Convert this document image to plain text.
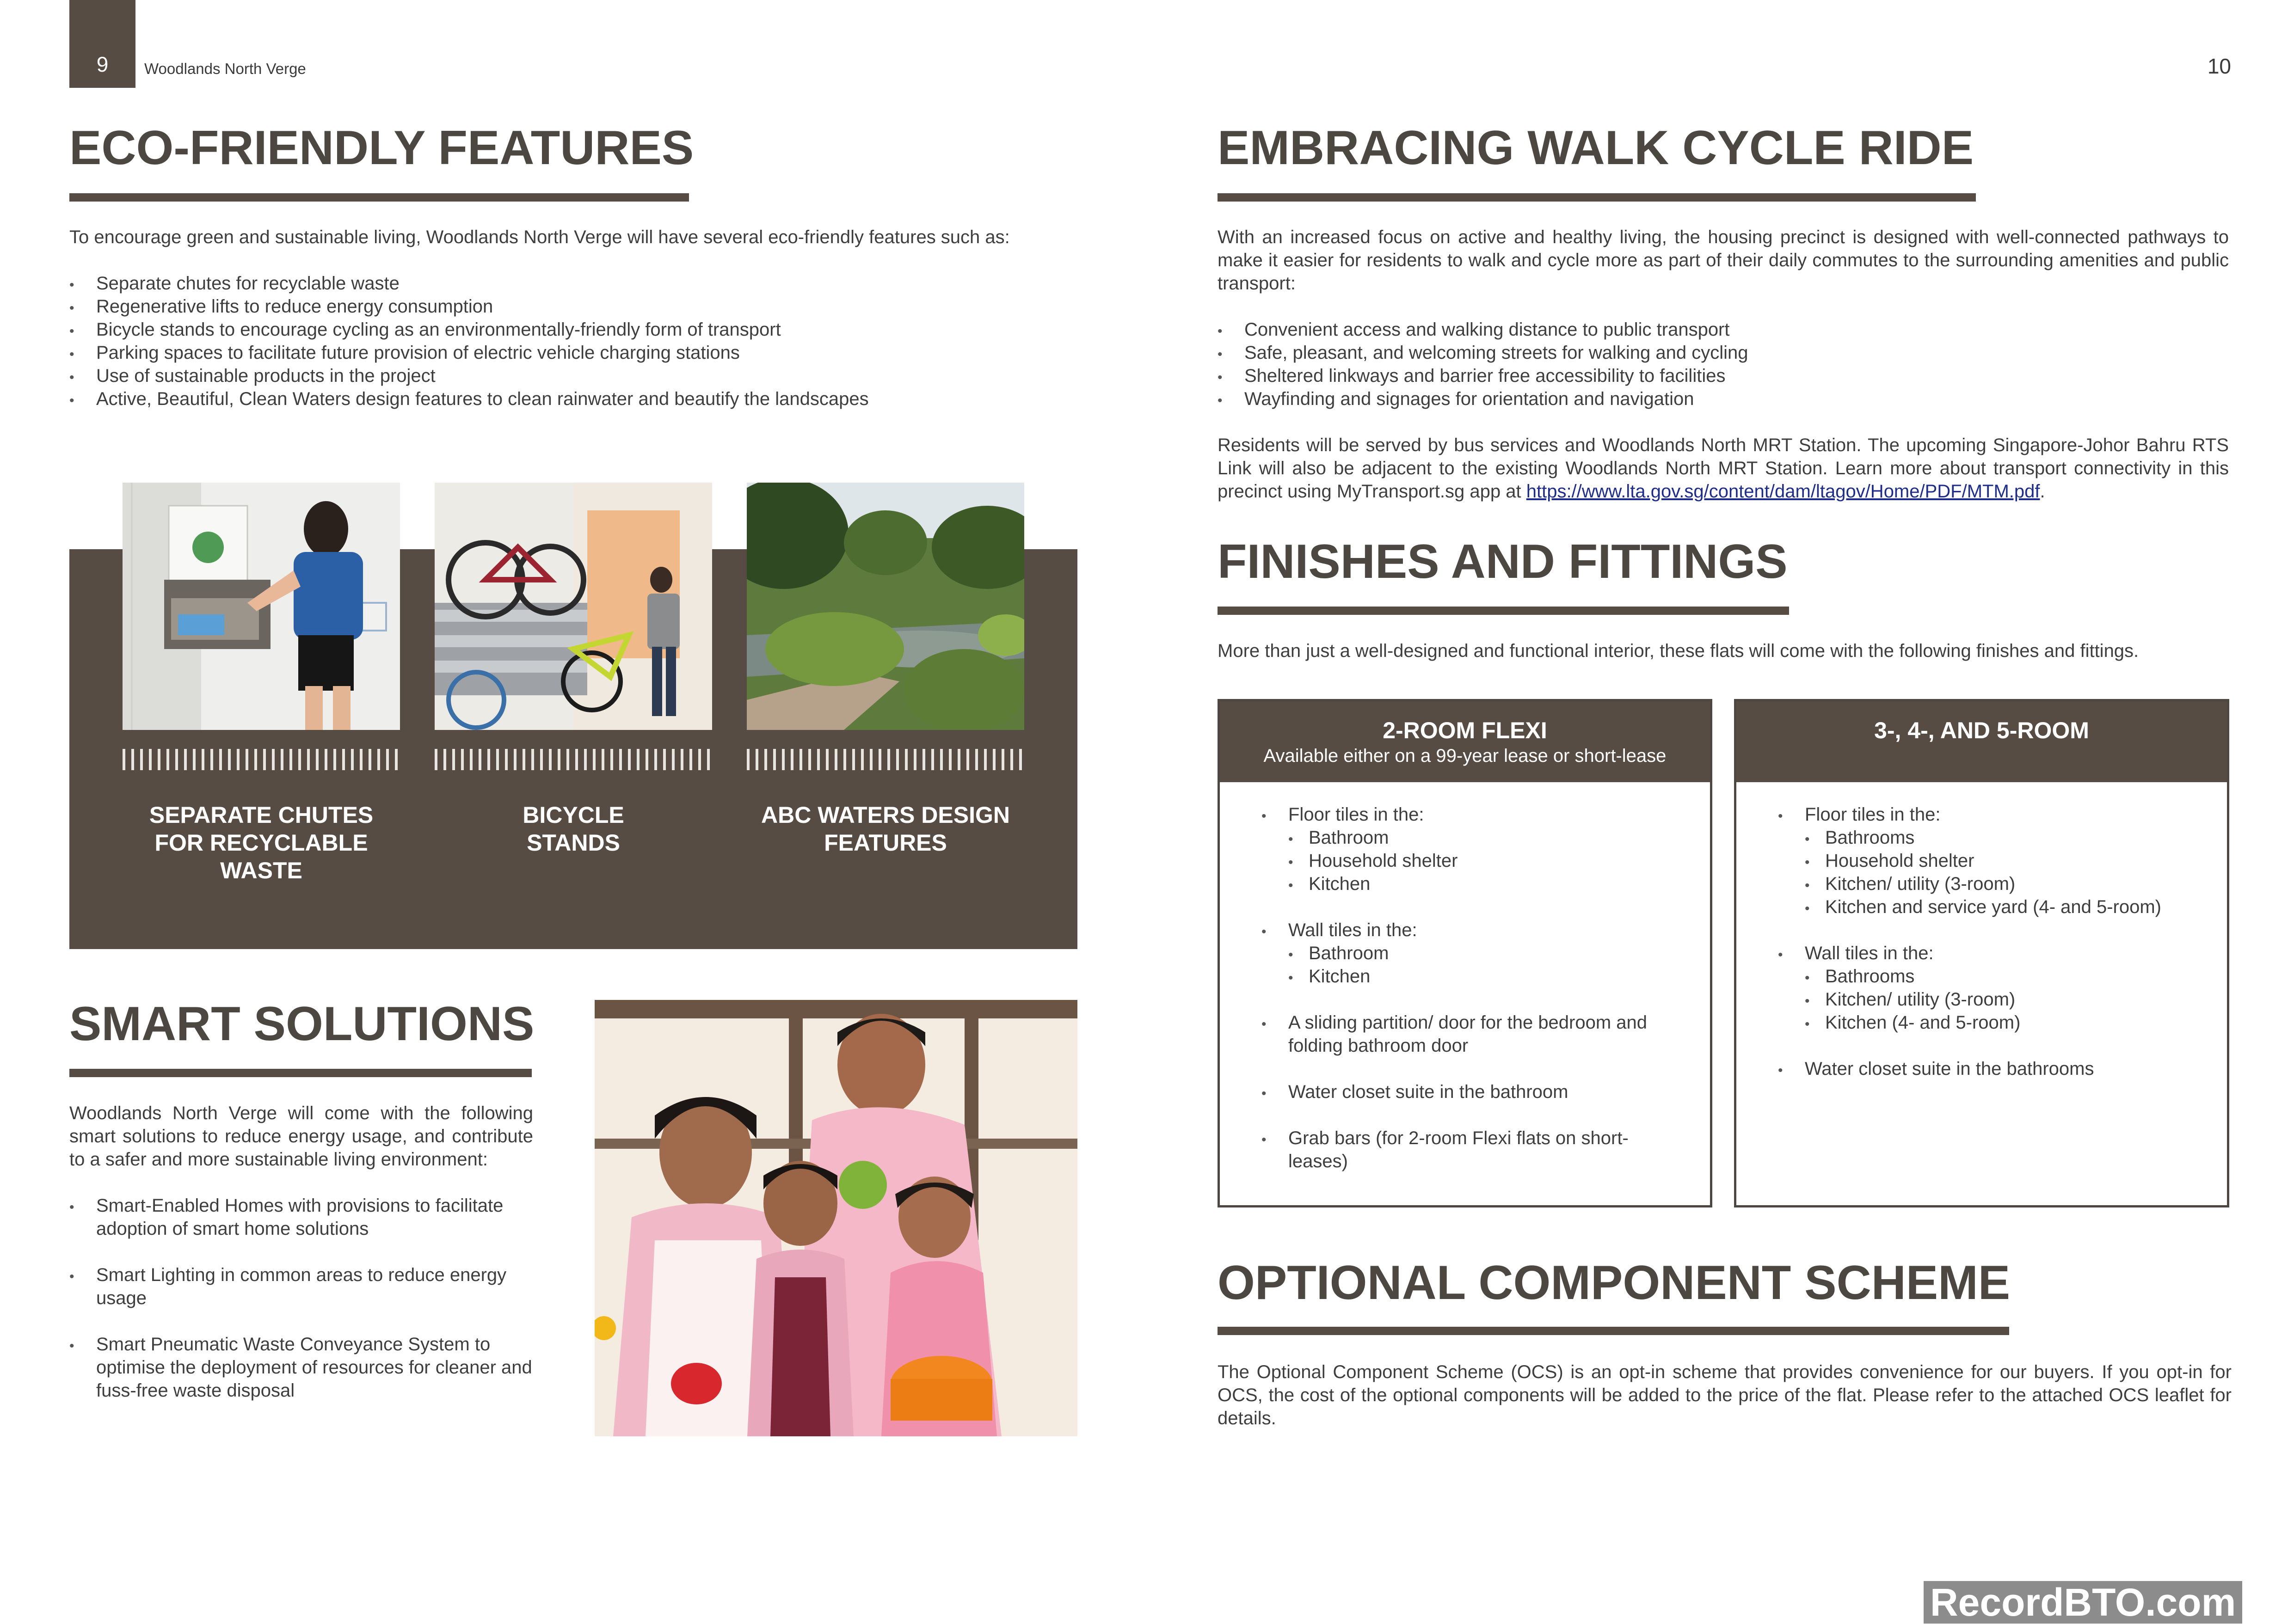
9	Woodlands North Verge
ECO-FRIENDLY FEATURES

To encourage green and sustainable living, Woodlands North Verge will have several eco-friendly features such as:

• Separate chutes for recyclable waste
• Regenerative lifts to reduce energy consumption
• Bicycle stands to encourage cycling as an environmentally-friendly form of transport
• Parking spaces to facilitate future provision of electric vehicle charging stations
• Use of sustainable products in the project
• Active, Beautiful, Clean Waters design features to clean rainwater and beautify the landscapes
SEPARATE CHUTES FOR RECYCLABLE WASTE
BICYCLE STANDS
ABC WATERS DESIGN FEATURES
SMART SOLUTIONS

Woodlands North Verge will come with the following smart solutions to reduce energy usage, and contribute to a safer and more sustainable living environment:

• Smart-Enabled Homes with provisions to facilitate adoption of smart home solutions
• Smart Lighting in common areas to reduce energy usage
• Smart Pneumatic Waste Conveyance System to optimise the deployment of resources for cleaner and fuss-free waste disposal
10
EMBRACING WALK CYCLE RIDE

With an increased focus on active and healthy living, the housing precinct is designed with well-connected pathways to make it easier for residents to walk and cycle more as part of their daily commutes to the surrounding amenities and public transport:

• Convenient access and walking distance to public transport
• Safe, pleasant, and welcoming streets for walking and cycling
• Sheltered linkways and barrier free accessibility to facilities
• Wayfinding and signages for orientation and navigation

Residents will be served by bus services and Woodlands North MRT Station. The upcoming Singapore-Johor Bahru RTS Link will also be adjacent to the existing Woodlands North MRT Station. Learn more about transport connectivity in this precinct using MyTransport.sg app at https://www.lta.gov.sg/content/dam/ltagov/Home/PDF/MTM.pdf.

FINISHES AND FITTINGS

More than just a well-designed and functional interior, these flats will come with the following finishes and fittings.

2-ROOM FLEXI
Available either on a 99-year lease or short-lease
• Floor tiles in the:
• Bathroom
• Household shelter
• Kitchen
• Wall tiles in the:
• Bathroom
• Kitchen
• A sliding partition/ door for the bedroom and folding bathroom door
• Water closet suite in the bathroom
• Grab bars (for 2-room Flexi flats on short-leases)
3-, 4-, AND 5-ROOM
• Floor tiles in the:
• Bathrooms
• Household shelter
• Kitchen/ utility (3-room)
• Kitchen and service yard (4- and 5-room)
• Wall tiles in the:
• Bathrooms
• Kitchen/ utility (3-room)
• Kitchen (4- and 5-room)
• Water closet suite in the bathrooms
OPTIONAL COMPONENT SCHEME

The Optional Component Scheme (OCS) is an opt-in scheme that provides convenience for our buyers. If you opt-in for OCS, the cost of the optional components will be added to the price of the flat. Please refer to the attached OCS leaflet for details.

RecordBTO.com
